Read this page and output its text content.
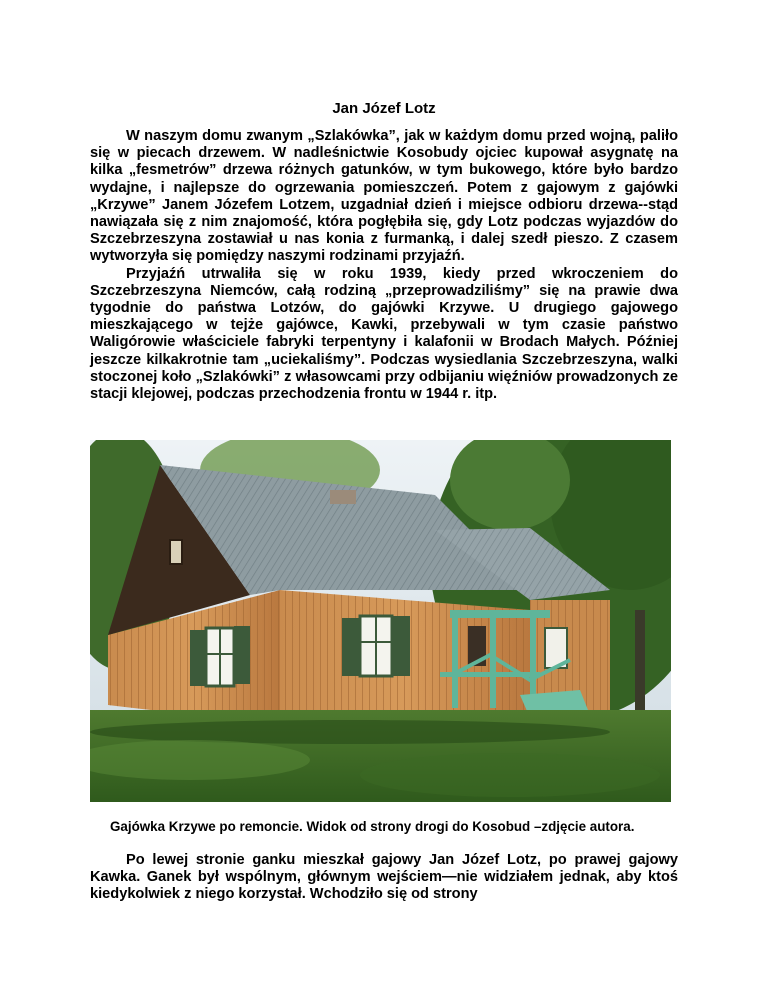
Jan Józef Lotz

W naszym domu zwanym „Szlakówka”, jak w każdym domu przed wojną, paliło się w piecach drzewem. W nadleśnictwie Kosobudy ojciec kupował asygnatę na kilka „fesmetrów” drzewa różnych gatunków, w tym bukowego, które było bardzo wydajne, i najlepsze do ogrzewania pomieszczeń. Potem z gajowym z gajówki „Krzywe” Janem Józefem Lotzem, uzgadniał dzień i miejsce odbioru drzewa--stąd nawiązała się z nim znajomość, która pogłębiła się, gdy Lotz podczas wyjazdów do Szczebrzeszyna zostawiał u nas konia z furmanką, i dalej szedł pieszo. Z czasem wytworzyła się pomiędzy naszymi rodzinami przyjaźń.

Przyjaźń utrwaliła się w roku 1939, kiedy przed wkroczeniem do Szczebrzeszyna Niemców, całą rodziną „przeprowadziliśmy” się na prawie dwa tygodnie do państwa Lotzów, do gajówki Krzywe. U drugiego gajowego mieszkającego w tejże gajówce, Kawki, przebywali w tym czasie państwo Waligórowie właściciele fabryki terpentyny i kalafonii w Brodach Małych. Później jeszcze kilkakrotnie tam „uciekaliśmy”. Podczas wysiedlania Szczebrzeszyna, walki stoczonej koło „Szlakówki” z własowcami przy odbijaniu więźniów prowadzonych ze stacji klejowej, podczas przechodzenia frontu w 1944 r. itp.

Gajówka Krzywe po remoncie. Widok od strony drogi do Kosobud –zdjęcie autora.

Po lewej stronie ganku mieszkał gajowy Jan Józef Lotz, po prawej gajowy Kawka. Ganek był wspólnym, głównym wejściem—nie widziałem jednak, aby ktoś kiedykolwiek z niego korzystał. Wchodziło się od strony
